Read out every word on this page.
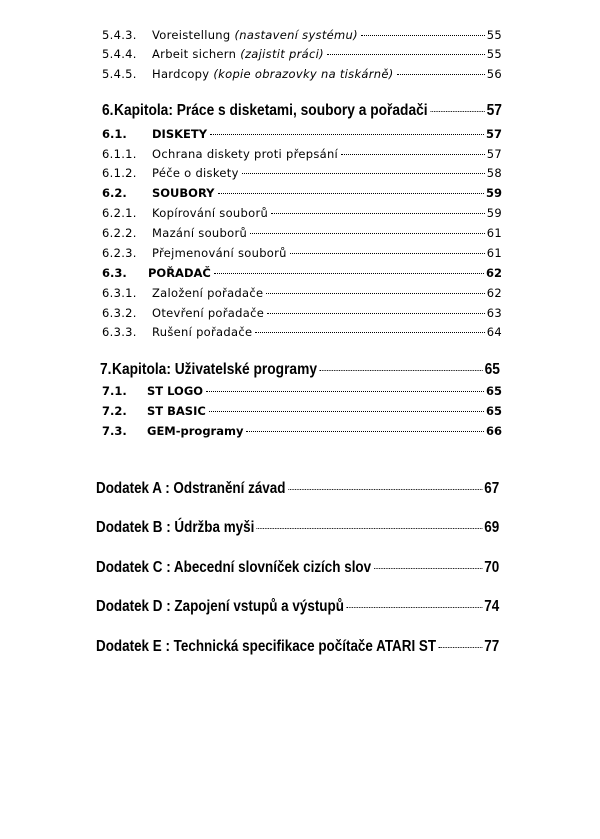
5.4.3.	Voreistellung (nastavení systému)	55
5.4.4.	Arbeit sichern (zajistit práci)	55
5.4.5.	Hardcopy (kopie obrazovky na tiskárně)	56
6. Kapitola: Práce s disketami, soubory a pořadači	57
6.1.	DISKETY	57
6.1.1.	Ochrana diskety proti přepsání	57
6.1.2.	Péče o diskety	58
6.2.	SOUBORY	59
6.2.1.	Kopírování souborů	59
6.2.2.	Mazání souborů	61
6.2.3.	Přejmenování souborů	61
6.3.	POŘADAČ	62
6.3.1.	Založení pořadače	62
6.3.2.	Otevření pořadače	63
6.3.3.	Rušení pořadače	64
7. Kapitola: Uživatelské programy	65
7.1.	ST LOGO	65
7.2.	ST BASIC	65
7.3.	GEM-programy	66
Dodatek A : Odstranění závad	67
Dodatek B : Údržba myši	69
Dodatek C : Abecední slovníček cizích slov	70
Dodatek D : Zapojení vstupů a výstupů	74
Dodatek E : Technická specifikace počítače ATARI ST	77
